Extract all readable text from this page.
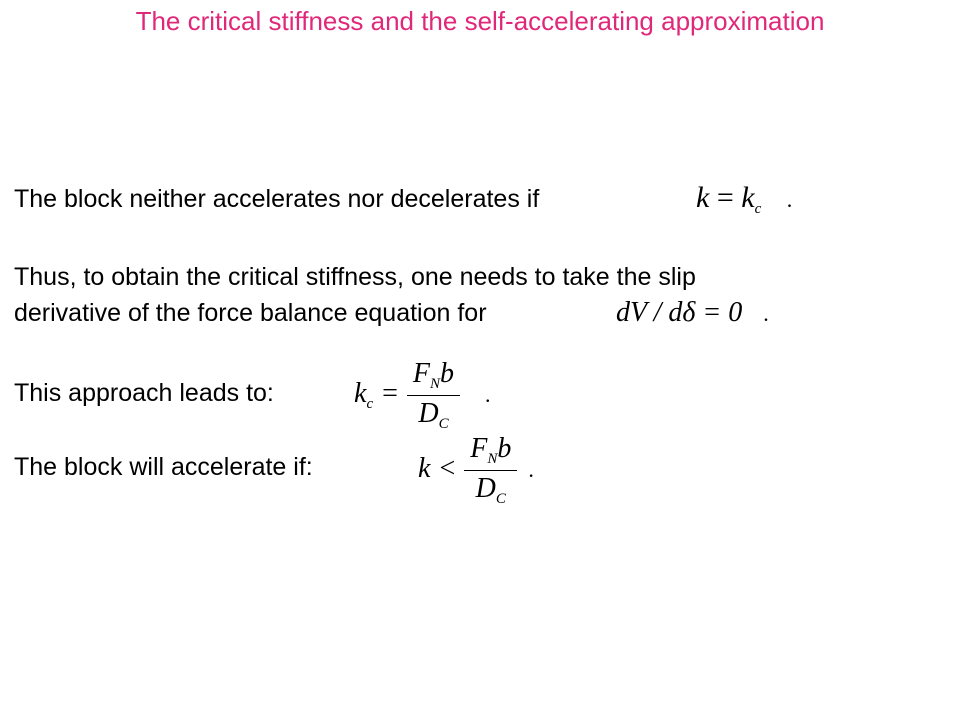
The critical stiffness and the self-accelerating approximation
The block neither accelerates nor decelerates if	$k = k_c$ .
Thus, to obtain the critical stiffness, one needs to take the slip
derivative of the force balance equation for	dV / dδ = 0 .
This approach leads to:	$k_c = \frac{F_Nb}{D_C}$ .
The block will accelerate if:	$k < \frac{F_Nb}{D_C}$ .
